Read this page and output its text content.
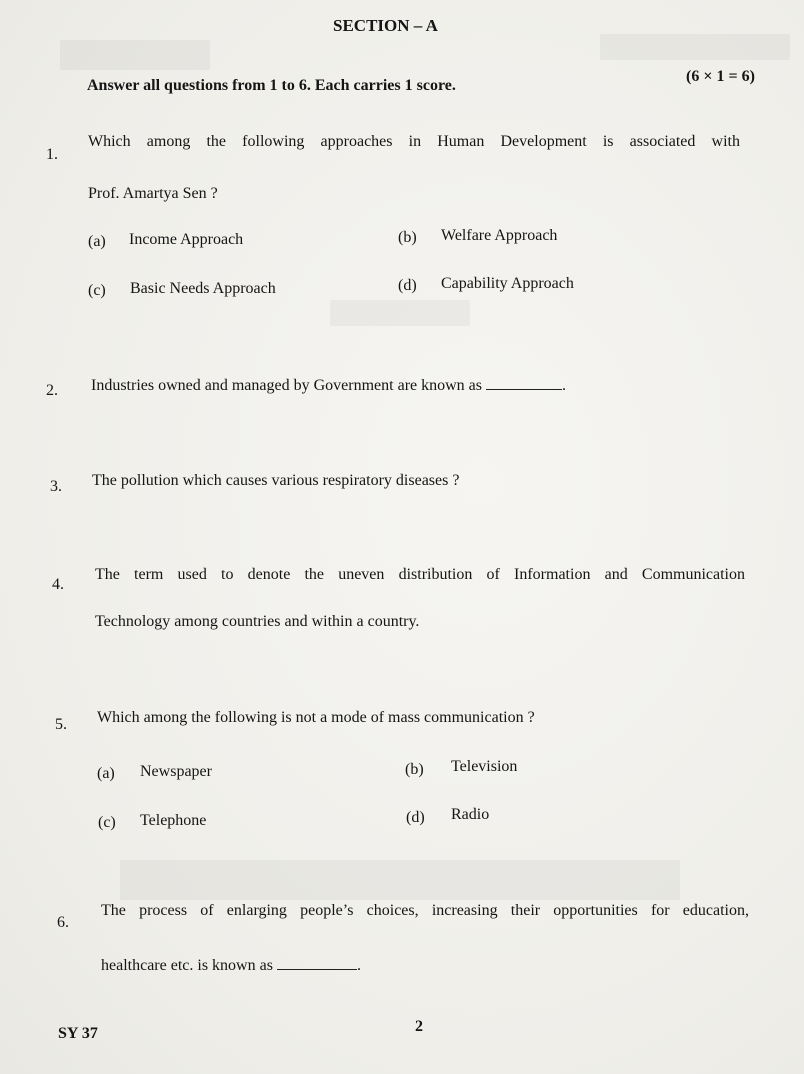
SECTION – A
Answer all questions from 1 to 6. Each carries 1 score.
(6 × 1 = 6)
1.
Which among the following approaches in Human Development is associated with
Prof. Amartya Sen ?
(a) Income Approach	(b) Welfare Approach
(c) Basic Needs Approach	(d) Capability Approach
2. Industries owned and managed by Government are known as	.
3. The pollution which causes various respiratory diseases ?
4.
The term used to denote the uneven distribution of Information and Communication
Technology among countries and within a country.
5. Which among the following is not a mode of mass communication ?
(a) Newspaper	(b) Television
(c) Telephone	(d) Radio
6.
The process of enlarging people’s choices, increasing their opportunities for education,
healthcare etc. is known as	.
SY 37	2
